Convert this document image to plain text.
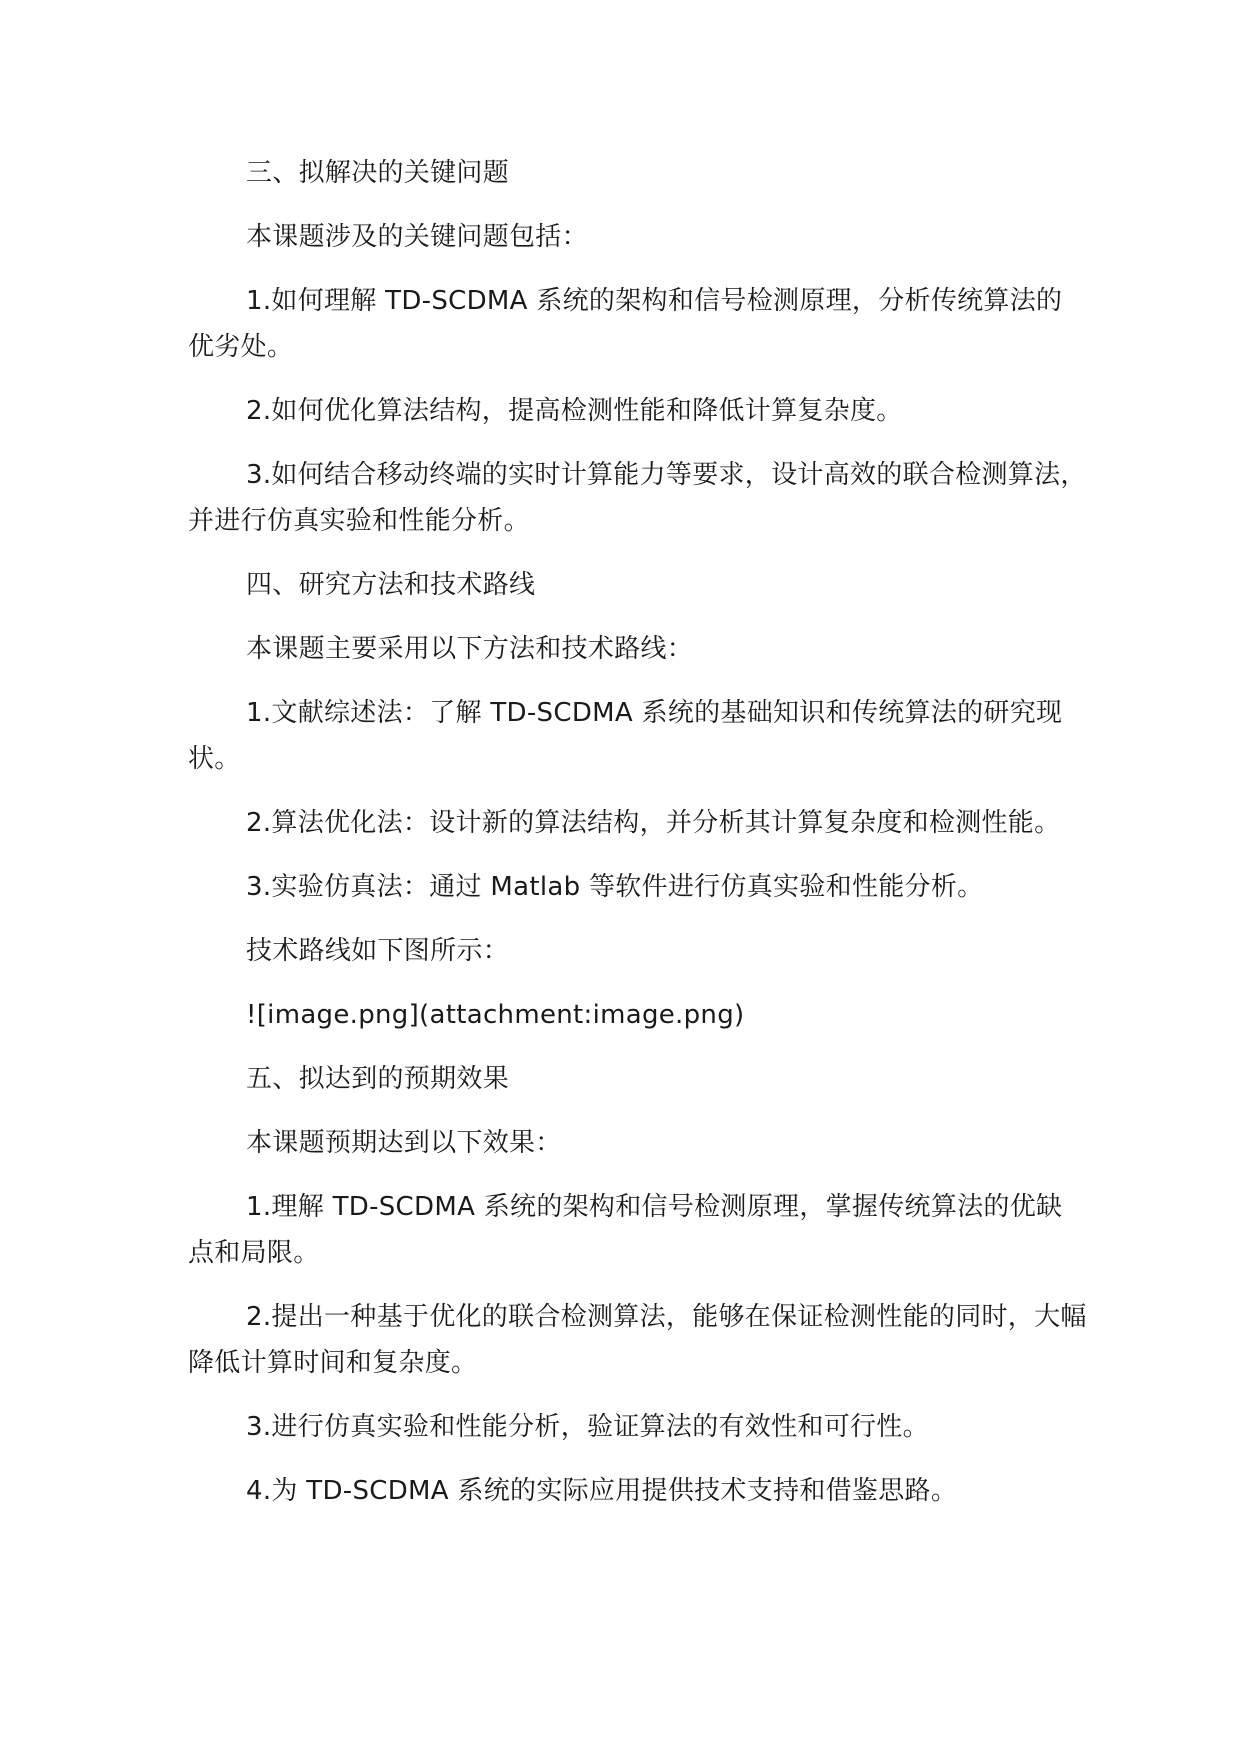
三、拟解决的关键问题

本课题涉及的关键问题包括：

1.如何理解 TD-SCDMA 系统的架构和信号检测原理，分析传统算法的优劣处。

2.如何优化算法结构，提高检测性能和降低计算复杂度。

3.如何结合移动终端的实时计算能力等要求，设计高效的联合检测算法，并进行仿真实验和性能分析。

四、研究方法和技术路线

本课题主要采用以下方法和技术路线：

1.文献综述法：了解 TD-SCDMA 系统的基础知识和传统算法的研究现状。

2.算法优化法：设计新的算法结构，并分析其计算复杂度和检测性能。

3.实验仿真法：通过 Matlab 等软件进行仿真实验和性能分析。

技术路线如下图所示：

![image.png](attachment:image.png)

五、拟达到的预期效果

本课题预期达到以下效果：

1.理解 TD-SCDMA 系统的架构和信号检测原理，掌握传统算法的优缺点和局限。

2.提出一种基于优化的联合检测算法，能够在保证检测性能的同时，大幅降低计算时间和复杂度。

3.进行仿真实验和性能分析，验证算法的有效性和可行性。

4.为 TD-SCDMA 系统的实际应用提供技术支持和借鉴思路。
